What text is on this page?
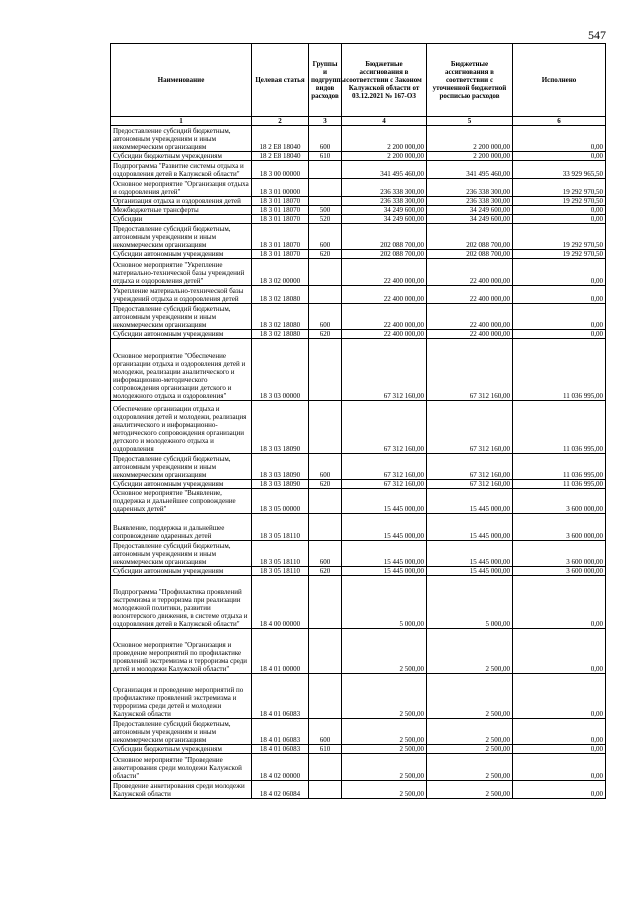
547
Наименование	Целевая статья	Группы и подгруппы видов расходов	Бюджетные ассигнования в соответствии с Законом Калужской области от 03.12.2021 № 167-ОЗ	Бюджетные ассигнования в соответствии с уточненной бюджетной росписью расходов	Исполнено
1	2	3	4	5	6
Предоставление субсидий бюджетным, автономным учреждениям и иным некоммерческим организациям	18 2 E8 18040	600	2 200 000,00	2 200 000,00	0,00
Субсидии бюджетным учреждениям	18 2 E8 18040	610	2 200 000,00	2 200 000,00	0,00
Подпрограмма "Развитие системы отдыха и оздоровления детей в Калужской области"	18 3 00 00000		341 495 460,00	341 495 460,00	33 929 965,50
Основное мероприятие "Организация отдыха и оздоровления детей"	18 3 01 00000		236 338 300,00	236 338 300,00	19 292 970,50
Организация отдыха и оздоровления детей	18 3 01 18070		236 338 300,00	236 338 300,00	19 292 970,50
Межбюджетные трансферты	18 3 01 18070	500	34 249 600,00	34 249 600,00	0,00
Субсидии	18 3 01 18070	520	34 249 600,00	34 249 600,00	0,00
Предоставление субсидий бюджетным, автономным учреждениям и иным некоммерческим организациям	18 3 01 18070	600	202 088 700,00	202 088 700,00	19 292 970,50
Субсидии автономным учреждениям	18 3 01 18070	620	202 088 700,00	202 088 700,00	19 292 970,50
Основное мероприятие "Укрепление материально-технической базы учреждений отдыха и оздоровления детей"	18 3 02 00000		22 400 000,00	22 400 000,00	0,00
Укрепление материально-технической базы учреждений отдыха и оздоровления детей	18 3 02 18080		22 400 000,00	22 400 000,00	0,00
Предоставление субсидий бюджетным, автономным учреждениям и иным некоммерческим организациям	18 3 02 18080	600	22 400 000,00	22 400 000,00	0,00
Субсидии автономным учреждениям	18 3 02 18080	620	22 400 000,00	22 400 000,00	0,00
Основное мероприятие "Обеспечение организации отдыха и оздоровления детей и молодежи, реализации аналитического и информационно-методического сопровождения организации детского и молодежного отдыха и оздоровления"	18 3 03 00000		67 312 160,00	67 312 160,00	11 036 995,00
Обеспечение организации отдыха и оздоровления детей и молодежи, реализация аналитического и информационно-методического сопровождения организации детского и молодежного отдыха и оздоровления	18 3 03 18090		67 312 160,00	67 312 160,00	11 036 995,00
Предоставление субсидий бюджетным, автономным учреждениям и иным некоммерческим организациям	18 3 03 18090	600	67 312 160,00	67 312 160,00	11 036 995,00
Субсидии автономным учреждениям	18 3 03 18090	620	67 312 160,00	67 312 160,00	11 036 995,00
Основное мероприятие "Выявление, поддержка и дальнейшее сопровождение одаренных детей"	18 3 05 00000		15 445 000,00	15 445 000,00	3 600 000,00
Выявление, поддержка и дальнейшее сопровождение одаренных детей	18 3 05 18110		15 445 000,00	15 445 000,00	3 600 000,00
Предоставление субсидий бюджетным, автономным учреждениям и иным некоммерческим организациям	18 3 05 18110	600	15 445 000,00	15 445 000,00	3 600 000,00
Субсидии автономным учреждениям	18 3 05 18110	620	15 445 000,00	15 445 000,00	3 600 000,00
Подпрограмма "Профилактика проявлений экстремизма и терроризма при реализации молодежной политики, развитии волонтерского движения, в системе отдыха и оздоровления детей в Калужской области"	18 4 00 00000		5 000,00	5 000,00	0,00
Основное мероприятие "Организация и проведение мероприятий по профилактике проявлений экстремизма и терроризма среди детей и молодежи Калужской области"	18 4 01 00000		2 500,00	2 500,00	0,00
Организация и проведение мероприятий по профилактике проявлений экстремизма и терроризма среди детей и молодежи Калужской области	18 4 01 06083		2 500,00	2 500,00	0,00
Предоставление субсидий бюджетным, автономным учреждениям и иным некоммерческим организациям	18 4 01 06083	600	2 500,00	2 500,00	0,00
Субсидии бюджетным учреждениям	18 4 01 06083	610	2 500,00	2 500,00	0,00
Основное мероприятие "Проведение анкетирования среди молодежи Калужской области"	18 4 02 00000		2 500,00	2 500,00	0,00
Проведение анкетирования среди молодежи Калужской области	18 4 02 06084		2 500,00	2 500,00	0,00
